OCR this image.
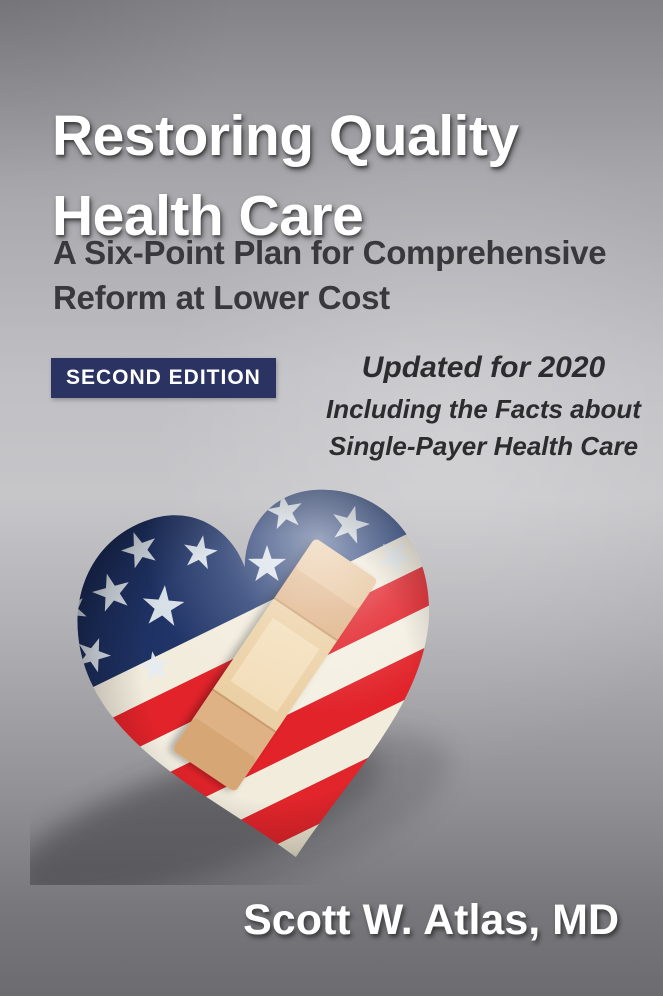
Restoring Quality
Health Care
A Six-Point Plan for Comprehensive
Reform at Lower Cost
SECOND EDITION	Updated for 2020
Including the Facts about
Single-Payer Health Care
Scott W. Atlas, MD
